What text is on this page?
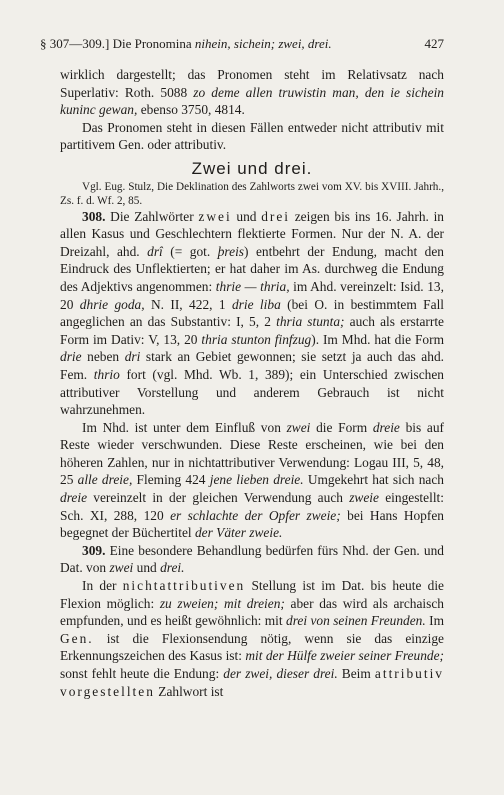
§ 307—309.] Die Pronomina nihein, sichein; zwei, drei.	427

wirklich dargestellt; das Pronomen steht im Relativsatz nach Superlativ: Roth. 5088 zo deme allen truwistin man, den ie sichein kuninc gewan, ebenso 3750, 4814.

Das Pronomen steht in diesen Fällen entweder nicht attributiv mit partitivem Gen. oder attributiv.

Zwei und drei.

Vgl. Eug. Stulz, Die Deklination des Zahlworts zwei vom XV. bis XVIII. Jahrh., Zs. f. d. Wf. 2, 85.

308. Die Zahlwörter zwei und drei zeigen bis ins 16. Jahrh. in allen Kasus und Geschlechtern flektierte Formen. Nur der N. A. der Dreizahl, ahd. drî (= got. þreis) entbehrt der Endung, macht den Eindruck des Unflektierten; er hat daher im As. durchweg die Endung des Adjektivs angenommen: thrie — thria, im Ahd. vereinzelt: Isid. 13, 20 dhrie goda, N. II, 422, 1 drie liba (bei O. in bestimmtem Fall angeglichen an das Substantiv: I, 5, 2 thria stunta; auch als erstarrte Form im Dativ: V, 13, 20 thria stunton finfzug). Im Mhd. hat die Form drie neben dri stark an Gebiet gewonnen; sie setzt ja auch das ahd. Fem. thrio fort (vgl. Mhd. Wb. 1, 389); ein Unterschied zwischen attributiver Vorstellung und anderem Gebrauch ist nicht wahrzunehmen.

Im Nhd. ist unter dem Einfluß von zwei die Form dreie bis auf Reste wieder verschwunden. Diese Reste erscheinen, wie bei den höheren Zahlen, nur in nichtattributiver Verwendung: Logau III, 5, 48, 25 alle dreie, Fleming 424 jene lieben dreie. Umgekehrt hat sich nach dreie vereinzelt in der gleichen Verwendung auch zweie eingestellt: Sch. XI, 288, 120 er schlachte der Opfer zweie; bei Hans Hopfen begegnet der Büchertitel der Väter zweie.

309. Eine besondere Behandlung bedürfen fürs Nhd. der Gen. und Dat. von zwei und drei.

In der nichtattributiven Stellung ist im Dat. bis heute die Flexion möglich: zu zweien; mit dreien; aber das wird als archaisch empfunden, und es heißt gewöhnlich: mit drei von seinen Freunden. Im Gen. ist die Flexionsendung nötig, wenn sie das einzige Erkennungszeichen des Kasus ist: mit der Hülfe zweier seiner Freunde; sonst fehlt heute die Endung: der zwei, dieser drei. Beim attributiv vorgestellten Zahlwort ist
